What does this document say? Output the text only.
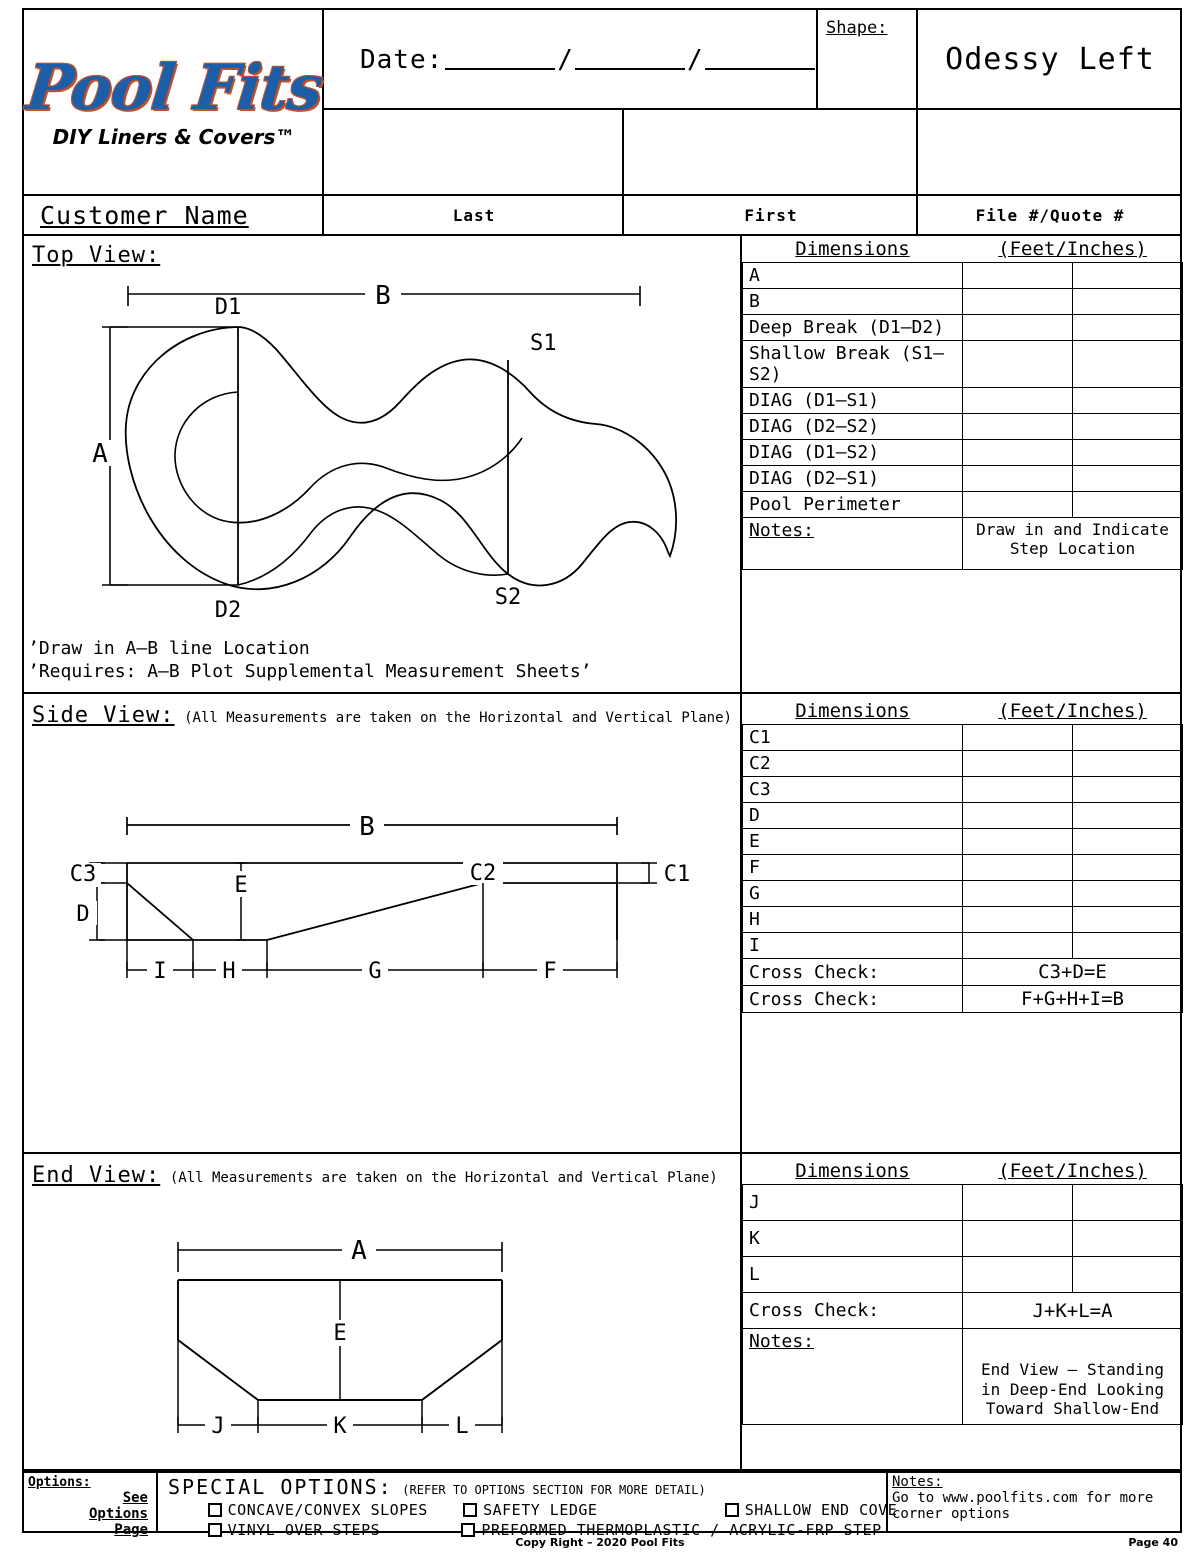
Pool Fits
DIY Liners & Covers™
Date:	/	/
Shape:
Odessy Left
Customer Name	Last	First	File #/Quote #
Top View:
B
A
D1
D2
S1
S2
’Draw in A–B line Location
’Requires: A–B Plot Supplemental Measurement Sheets’
Dimensions	(Feet/Inches)	
A		
B		
Deep Break (D1–D2)		
Shallow Break (S1–S2)		
DIAG (D1–S1)		
DIAG (D2–S2)		
DIAG (D1–S2)		
DIAG (D2–S1)		
Pool Perimeter		
Notes:	Draw in and Indicate Step Location	
Side View: (All Measurements are taken on the Horizontal and Vertical Plane)
B
C3
D
C1
C2
E
I	H	G	F
Dimensions	(Feet/Inches)	
C1		
C2		
C3		
D		
E		
F		
G		
H		
I		
Cross Check:	C3+D=E	
Cross Check:	F+G+H+I=B	
End View: (All Measurements are taken on the Horizontal and Vertical Plane)
A
E
J	K	L
Dimensions	(Feet/Inches)	
J		
K		
L		
Cross Check:	J+K+L=A	
Notes:	End View – Standing in Deep-End Looking Toward Shallow-End	
Options:
See
Options
Page
SPECIAL OPTIONS: (REFER TO OPTIONS SECTION FOR MORE DETAIL)
CONCAVE/CONVEX SLOPES	SAFETY LEDGE	SHALLOW END COVE
VINYL OVER STEPS	PREFORMED THERMOPLASTIC / ACRYLIC-FRP STEP
Notes:
Go to www.poolfits.com for more corner options
Copy Right – 2020 Pool Fits	Page 40
